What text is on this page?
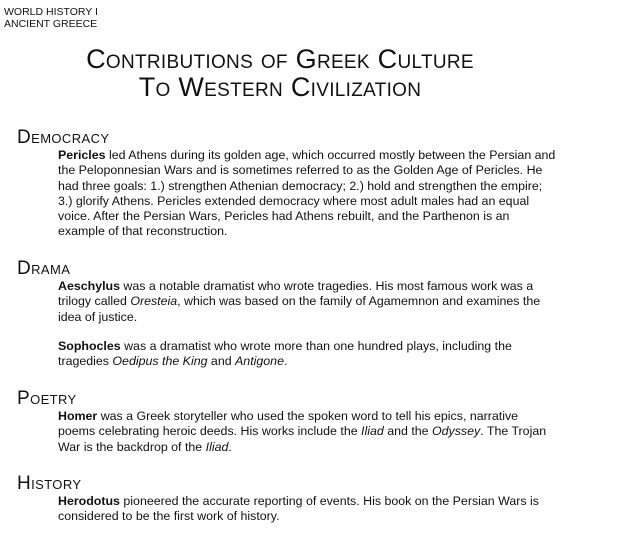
WORLD HISTORY I
ANCIENT GREECE
Contributions of Greek Culture
To Western Civilization
Democracy

Pericles led Athens during its golden age, which occurred mostly between the Persian and the Peloponnesian Wars and is sometimes referred to as the Golden Age of Pericles. He had three goals: 1.) strengthen Athenian democracy; 2.) hold and strengthen the empire; 3.) glorify Athens. Pericles extended democracy where most adult males had an equal voice. After the Persian Wars, Pericles had Athens rebuilt, and the Parthenon is an example of that reconstruction.

Drama

Aeschylus was a notable dramatist who wrote tragedies. His most famous work was a trilogy called Oresteia, which was based on the family of Agamemnon and examines the idea of justice.

Sophocles was a dramatist who wrote more than one hundred plays, including the tragedies Oedipus the King and Antigone.

Poetry

Homer was a Greek storyteller who used the spoken word to tell his epics, narrative poems celebrating heroic deeds. His works include the Iliad and the Odyssey. The Trojan War is the backdrop of the Iliad.

History

Herodotus pioneered the accurate reporting of events. His book on the Persian Wars is considered to be the first work of history.
